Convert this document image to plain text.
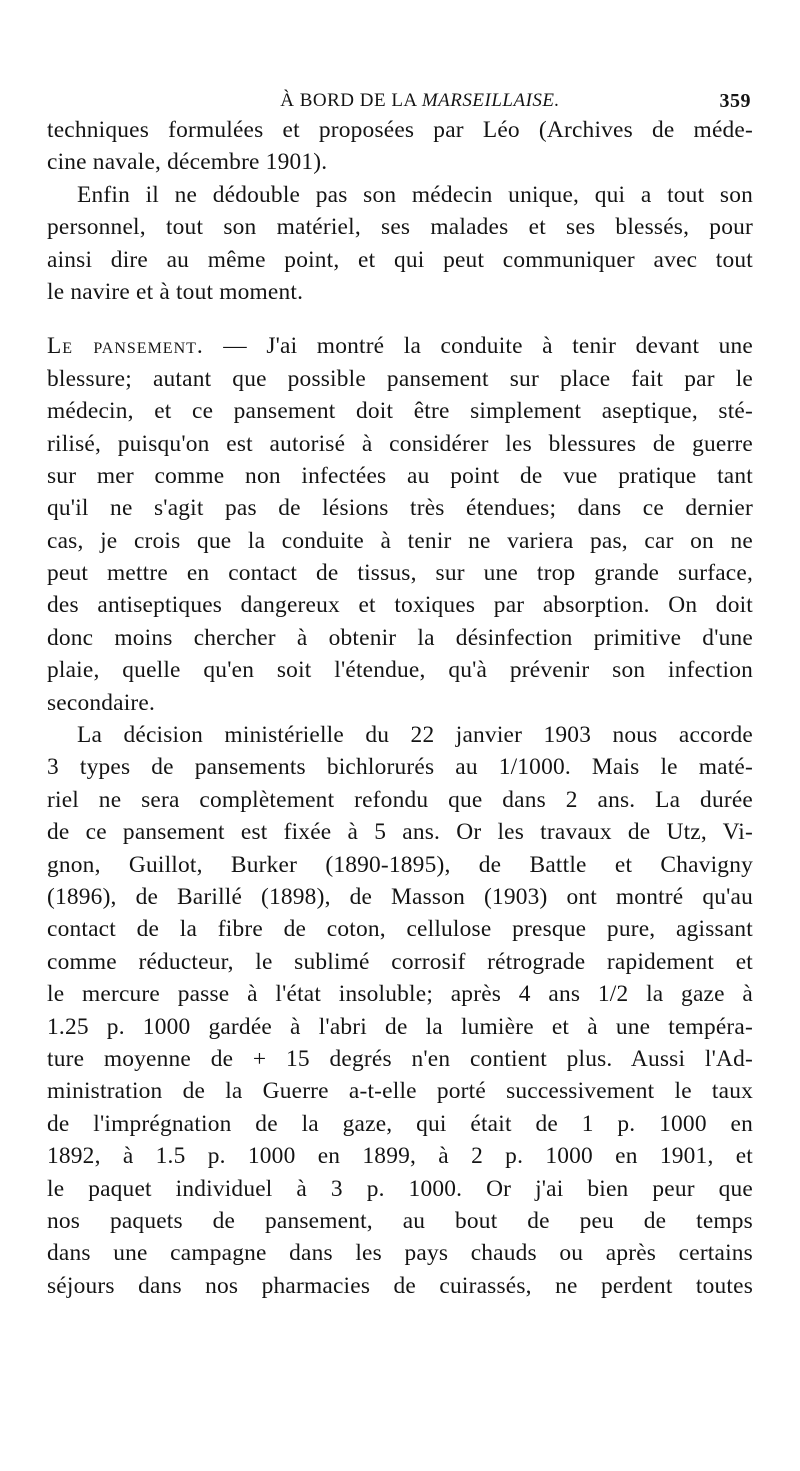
À BORD DE LA MARSEILLAISE.	359
techniques formulées et proposées par Léo (Archives de méde-
cine navale, décembre 1901).
Enfin il ne dédouble pas son médecin unique, qui a tout son
personnel, tout son matériel, ses malades et ses blessés, pour
ainsi dire au même point, et qui peut communiquer avec tout
le navire et à tout moment.
Le pansement. — J'ai montré la conduite à tenir devant une
blessure; autant que possible pansement sur place fait par le
médecin, et ce pansement doit être simplement aseptique, sté-
rilisé, puisqu'on est autorisé à considérer les blessures de guerre
sur mer comme non infectées au point de vue pratique tant
qu'il ne s'agit pas de lésions très étendues; dans ce dernier
cas, je crois que la conduite à tenir ne variera pas, car on ne
peut mettre en contact de tissus, sur une trop grande surface,
des antiseptiques dangereux et toxiques par absorption. On doit
donc moins chercher à obtenir la désinfection primitive d'une
plaie, quelle qu'en soit l'étendue, qu'à prévenir son infection
secondaire.
La décision ministérielle du 22 janvier 1903 nous accorde
3 types de pansements bichlorurés au 1/1000. Mais le maté-
riel ne sera complètement refondu que dans 2 ans. La durée
de ce pansement est fixée à 5 ans. Or les travaux de Utz, Vi-
gnon, Guillot, Burker (1890-1895), de Battle et Chavigny
(1896), de Barillé (1898), de Masson (1903) ont montré qu'au
contact de la fibre de coton, cellulose presque pure, agissant
comme réducteur, le sublimé corrosif rétrograde rapidement et
le mercure passe à l'état insoluble; après 4 ans 1/2 la gaze à
1.25 p. 1000 gardée à l'abri de la lumière et à une tempéra-
ture moyenne de + 15 degrés n'en contient plus. Aussi l'Ad-
ministration de la Guerre a-t-elle porté successivement le taux
de l'imprégnation de la gaze, qui était de 1 p. 1000 en
1892, à 1.5 p. 1000 en 1899, à 2 p. 1000 en 1901, et
le paquet individuel à 3 p. 1000. Or j'ai bien peur que
nos paquets de pansement, au bout de peu de temps
dans une campagne dans les pays chauds ou après certains
séjours dans nos pharmacies de cuirassés, ne perdent toutes
